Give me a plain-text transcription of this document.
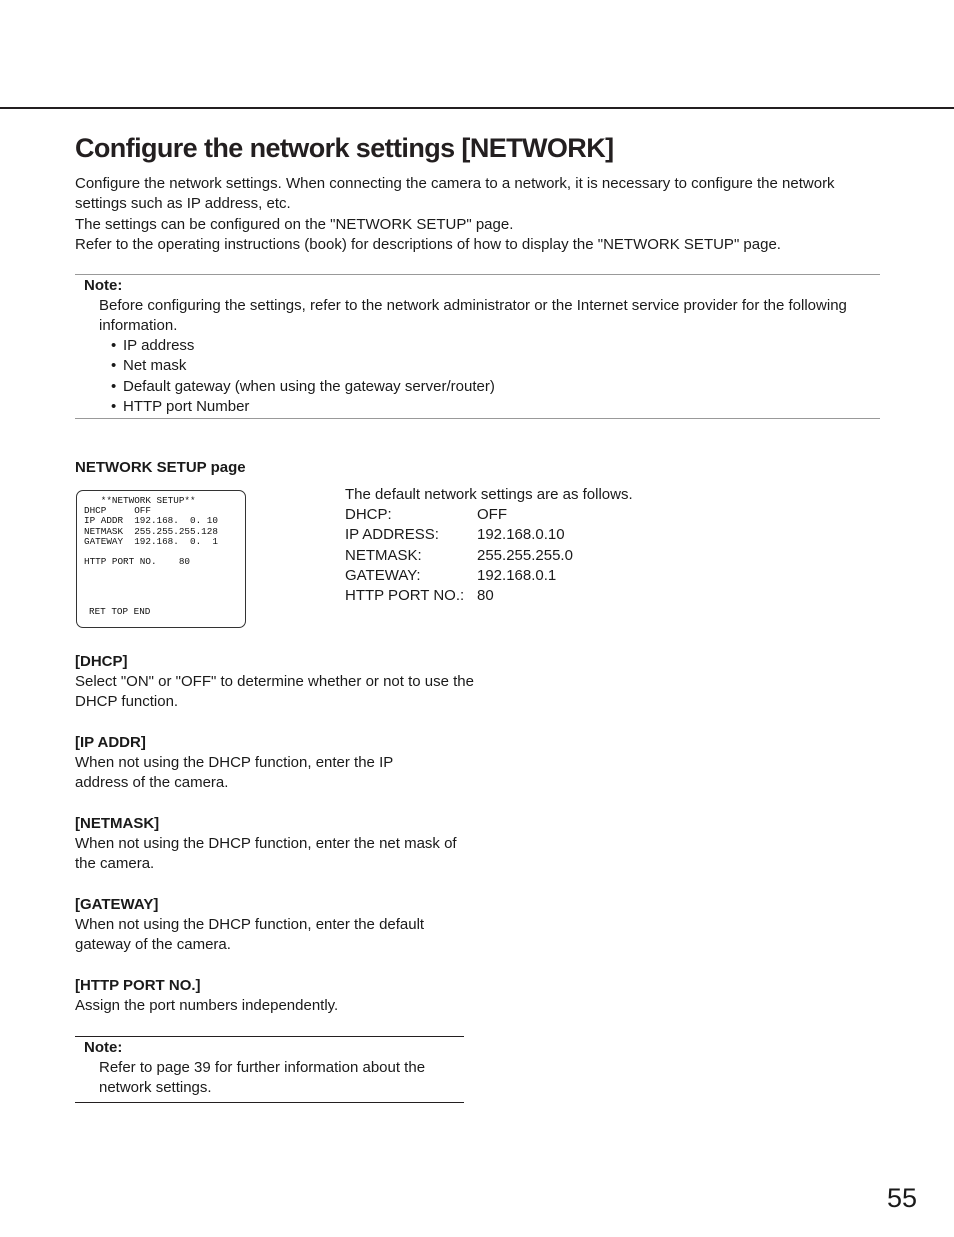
Configure the network settings [NETWORK]

Configure the network settings. When connecting the camera to a network, it is necessary to configure the network settings such as IP address, etc.

The settings can be configured on the "NETWORK SETUP" page.

Refer to the operating instructions (book) for descriptions of how to display the "NETWORK SETUP" page.

Note:
Before configuring the settings, refer to the network administrator or the Internet service provider for the following information.
• IP address
• Net mask
• Default gateway (when using the gateway server/router)
• HTTP port Number
NETWORK SETUP page
**NETWORK SETUP**
DHCP     OFF
IP ADDR  192.168.  0. 10
NETMASK  255.255.255.128
GATEWAY  192.168.  0.  1

HTTP PORT NO.    80
RET TOP END
The default network settings are as follows.
DHCP:	OFF
IP ADDRESS:	192.168.0.10
NETMASK:	255.255.255.0
GATEWAY:	192.168.0.1
HTTP PORT NO.: 80
[DHCP]
Select "ON" or "OFF" to determine whether or not to use the DHCP function.
[IP ADDR]
When not using the DHCP function, enter the IP address of the camera.
[NETMASK]
When not using the DHCP function, enter the net mask of the camera.
[GATEWAY]
When not using the DHCP function, enter the default gateway of the camera.
[HTTP PORT NO.]
Assign the port numbers independently.
Note:
Refer to page 39 for further information about the network settings.
55
